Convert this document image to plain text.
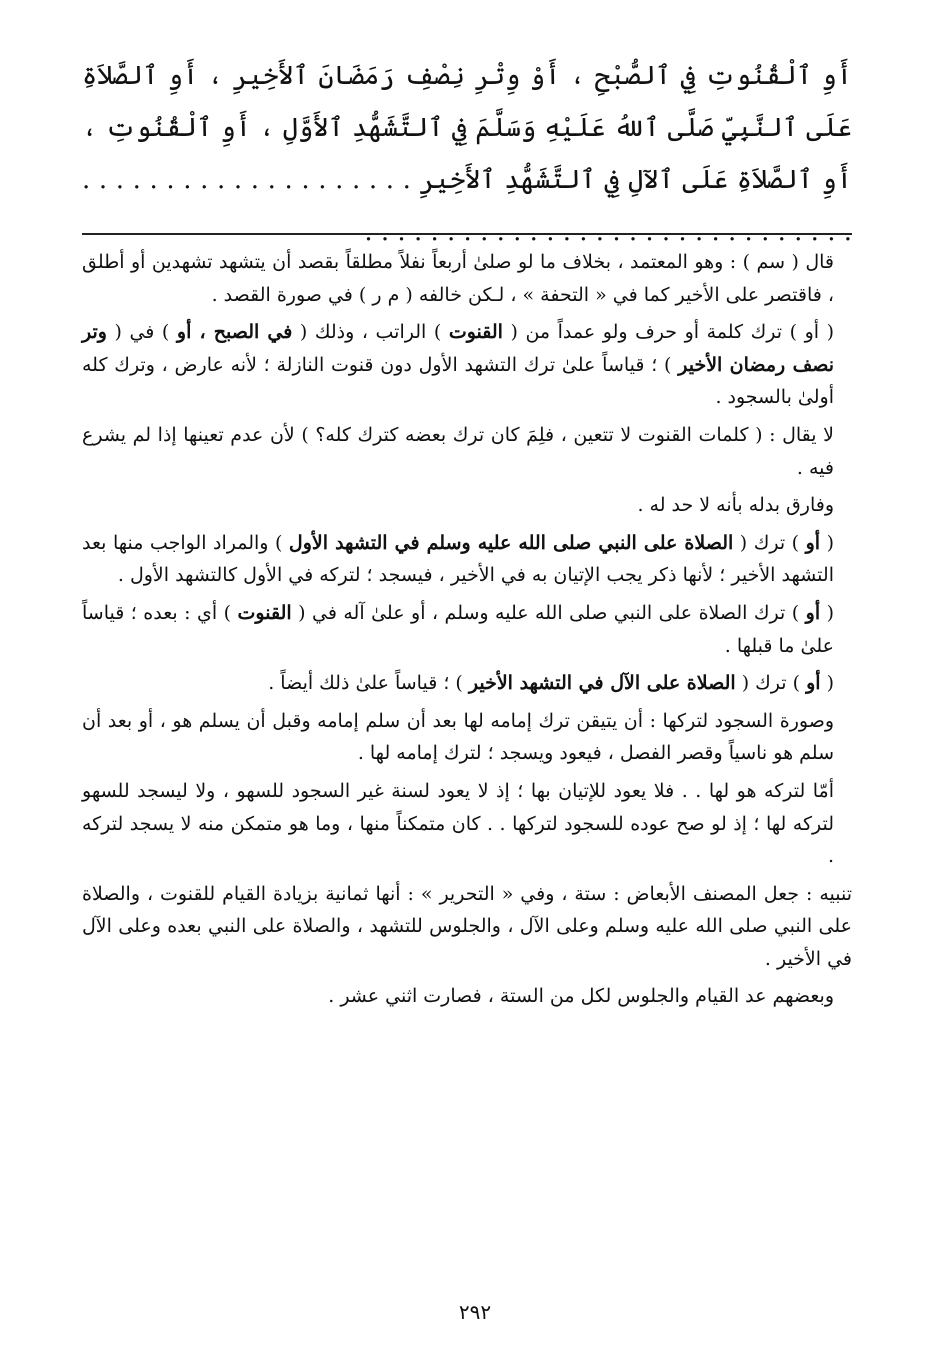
أَوِ ٱلْقُنُوتِ فِي ٱلصُّبْحِ ، أَوْ وِتْرِ نِصْفِ رَمَضَانَ ٱلأَخِيرِ ، أَوِ ٱلصَّلاَةِ عَلَى ٱلنَّبِيِّ صَلَّى ٱللهُ عَلَيْهِ وَسَلَّمَ فِي ٱلتَّشَهُّدِ ٱلأَوَّلِ ، أَوِ ٱلْقُنُوتِ ، أَوِ ٱلصَّلاَةِ عَلَى ٱلآلِ فِي ٱلتَّشَهُّدِ ٱلأَخِيرِ . . . . . . . . . . . . . . . . . . . . . . . . . . . . . . . . . . . . . . . . . . . . . . . . . .

قال ( سم ) : وهو المعتمد ، بخلاف ما لو صلىٰ أربعاً نفلاً مطلقاً بقصد أن يتشهد تشهدين أو أطلق ، فاقتصر على الأخير كما في « التحفة » ، لـكن خالفه ( م ر ) في صورة القصد .

( أو ) ترك كلمة أو حرف ولو عمداً من ( القنوت ) الراتب ، وذلك ( في الصبح ، أو ) في ( وتر نصف رمضان الأخير ) ؛ قياساً علىٰ ترك التشهد الأول دون قنوت النازلة ؛ لأنه عارض ، وترك كله أولىٰ بالسجود .

لا يقال : ( كلمات القنوت لا تتعين ، فلِمَ كان ترك بعضه كترك كله؟ ) لأن عدم تعينها إذا لم يشرع فيه .

وفارق بدله بأنه لا حد له .

( أو ) ترك ( الصلاة على النبي صلى الله عليه وسلم في التشهد الأول ) والمراد الواجب منها بعد التشهد الأخير ؛ لأنها ذكر يجب الإتيان به في الأخير ، فيسجد ؛ لتركه في الأول كالتشهد الأول .

( أو ) ترك الصلاة على النبي صلى الله عليه وسلم ، أو علىٰ آله في ( القنوت ) أي : بعده ؛ قياساً علىٰ ما قبلها .

( أو ) ترك ( الصلاة على الآل في التشهد الأخير ) ؛ قياساً علىٰ ذلك أيضاً .

وصورة السجود لتركها : أن يتيقن ترك إمامه لها بعد أن سلم إمامه وقبل أن يسلم هو ، أو بعد أن سلم هو ناسياً وقصر الفصل ، فيعود ويسجد ؛ لترك إمامه لها .

أمّا لتركه هو لها . . فلا يعود للإتيان بها ؛ إذ لا يعود لسنة غير السجود للسهو ، ولا ليسجد للسهو لتركه لها ؛ إذ لو صح عوده للسجود لتركها . . كان متمكناً منها ، وما هو متمكن منه لا يسجد لتركه .

تنبيه : جعل المصنف الأبعاض : ستة ، وفي « التحرير » : أنها ثمانية بزيادة القيام للقنوت ، والصلاة على النبي صلى الله عليه وسلم وعلى الآل ، والجلوس للتشهد ، والصلاة على النبي بعده وعلى الآل في الأخير .

وبعضهم عد القيام والجلوس لكل من الستة ، فصارت اثني عشر .

٢٩٢
